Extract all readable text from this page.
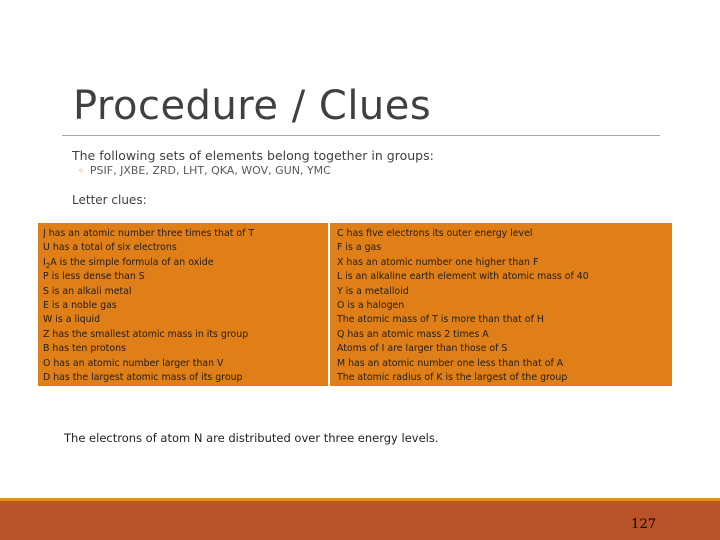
Procedure / Clues

The following sets of elements belong together in groups:

◦ PSIF, JXBE, ZRD, LHT, QKA, WOV, GUN, YMC

Letter clues:

J has an atomic number three times that of T
U has a total of six electrons
$I_2A$ is the simple formula of an oxide
P is less dense than S
S is an alkali metal
E is a noble gas
W is a liquid
Z has the smallest atomic mass in its group
B has ten protons
O has an atomic number larger than V
D has the largest atomic mass of its group
C has five electrons its outer energy level
F is a gas
X has an atomic number one higher than F
L is an alkaline earth element with atomic mass of 40
Y is a metalloid
O is a halogen
The atomic mass of T is more than that of H
Q has an atomic mass 2 times A
Atoms of I are larger than those of S
M has an atomic number one less than that of A
The atomic radius of K is the largest of the group

The electrons of atom N are distributed over three energy levels.

127
